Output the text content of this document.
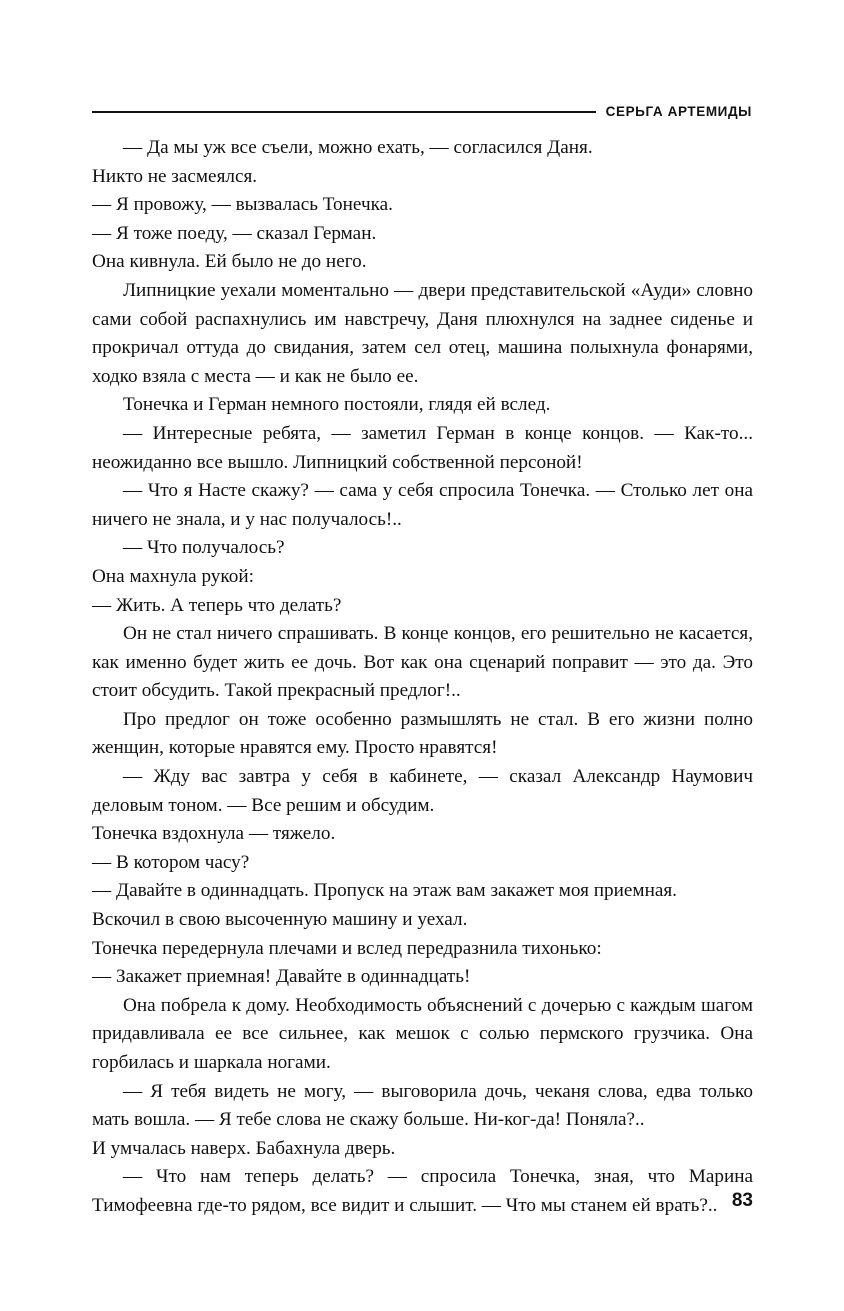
СЕРЬГА АРТЕМИДЫ

— Да мы уж все съели, можно ехать, — согласился Даня.

Никто не засмеялся.

— Я провожу, — вызвалась Тонечка.

— Я тоже поеду, — сказал Герман.

Она кивнула. Ей было не до него.

Липницкие уехали моментально — двери представительской «Ауди» словно сами собой распахнулись им навстречу, Даня плюхнулся на заднее сиденье и прокричал оттуда до свидания, затем сел отец, машина полыхнула фонарями, ходко взяла с места — и как не было ее.

Тонечка и Герман немного постояли, глядя ей вслед.

— Интересные ребята, — заметил Герман в конце концов. — Как-то... неожиданно все вышло. Липницкий собственной персоной!

— Что я Насте скажу? — сама у себя спросила Тонечка. — Столько лет она ничего не знала, и у нас получалось!..

— Что получалось?

Она махнула рукой:

— Жить. А теперь что делать?

Он не стал ничего спрашивать. В конце концов, его решительно не касается, как именно будет жить ее дочь. Вот как она сценарий поправит — это да. Это стоит обсудить. Такой прекрасный предлог!..

Про предлог он тоже особенно размышлять не стал. В его жизни полно женщин, которые нравятся ему. Просто нравятся!

— Жду вас завтра у себя в кабинете, — сказал Александр Наумович деловым тоном. — Все решим и обсудим.

Тонечка вздохнула — тяжело.

— В котором часу?

— Давайте в одиннадцать. Пропуск на этаж вам закажет моя приемная.

Вскочил в свою высоченную машину и уехал.

Тонечка передернула плечами и вслед передразнила тихонько:

— Закажет приемная! Давайте в одиннадцать!

Она побрела к дому. Необходимость объяснений с дочерью с каждым шагом придавливала ее все сильнее, как мешок с солью пермского грузчика. Она горбилась и шаркала ногами.

— Я тебя видеть не могу, — выговорила дочь, чеканя слова, едва только мать вошла. — Я тебе слова не скажу больше. Ни-ког-да! Поняла?..

И умчалась наверх. Бабахнула дверь.

— Что нам теперь делать? — спросила Тонечка, зная, что Марина Тимофеевна где-то рядом, все видит и слышит. — Что мы станем ей врать?.. 83
